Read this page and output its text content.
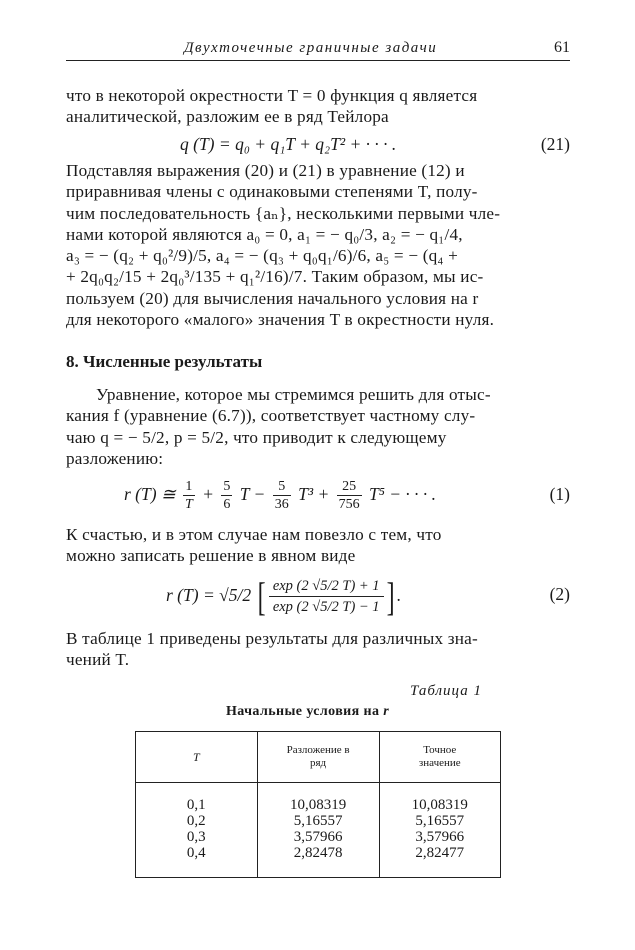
Двухточечные граничные задачи	61
что в некоторой окрестности T = 0 функция q является
аналитической, разложим ее в ряд Тейлора
q (T) = q₀ + q₁T + q₂T² + · · · .	(21)
Подставляя выражения (20) и (21) в уравнение (12) и
приравнивая члены с одинаковыми степенями T, полу-
чим последовательность {aₙ}, несколькими первыми чле-
нами которой являются a₀ = 0, a₁ = − q₀/3, a₂ = − q₁/4,
a₃ = − (q₂ + q₀²/9)/5, a₄ = − (q₃ + q₀q₁/6)/6, a₅ = − (q₄ +
+ 2q₀q₂/15 + 2q₀³/135 + q₁²/16)/7. Таким образом, мы ис-
пользуем (20) для вычисления начального условия на r
для некоторого «малого» значения T в окрестности нуля.
8. Численные результаты
Уравнение, которое мы стремимся решить для отыс-
кания f (уравнение (6.7)), соответствует частному слу-
чаю q = − 5/2, p = 5/2, что приводит к следующему
разложению:
r (T) ≅ $\frac{1}{T} + \frac{5}{6}$ $T - \frac{5}{36} T^3 + \frac{25}{756} T^5$ − · · · .	(1)
К счастью, и в этом случае нам повезло с тем, что
можно записать решение в явном виде
r (T) = √5/2 [ $\frac{\exp (2 √5/2 T) + 1}{\exp (2 √5/2 T) - 1}$ ] .	(2)
В таблице 1 приведены результаты для различных зна-
чений T.
Таблица 1
Начальные условия на r
T	Разложение в ряд	Точное значение

0,1	10,08319	10,08319
0,2	5,16557	5,16557
0,3	3,57966	3,57966
0,4	2,82478	2,82477
